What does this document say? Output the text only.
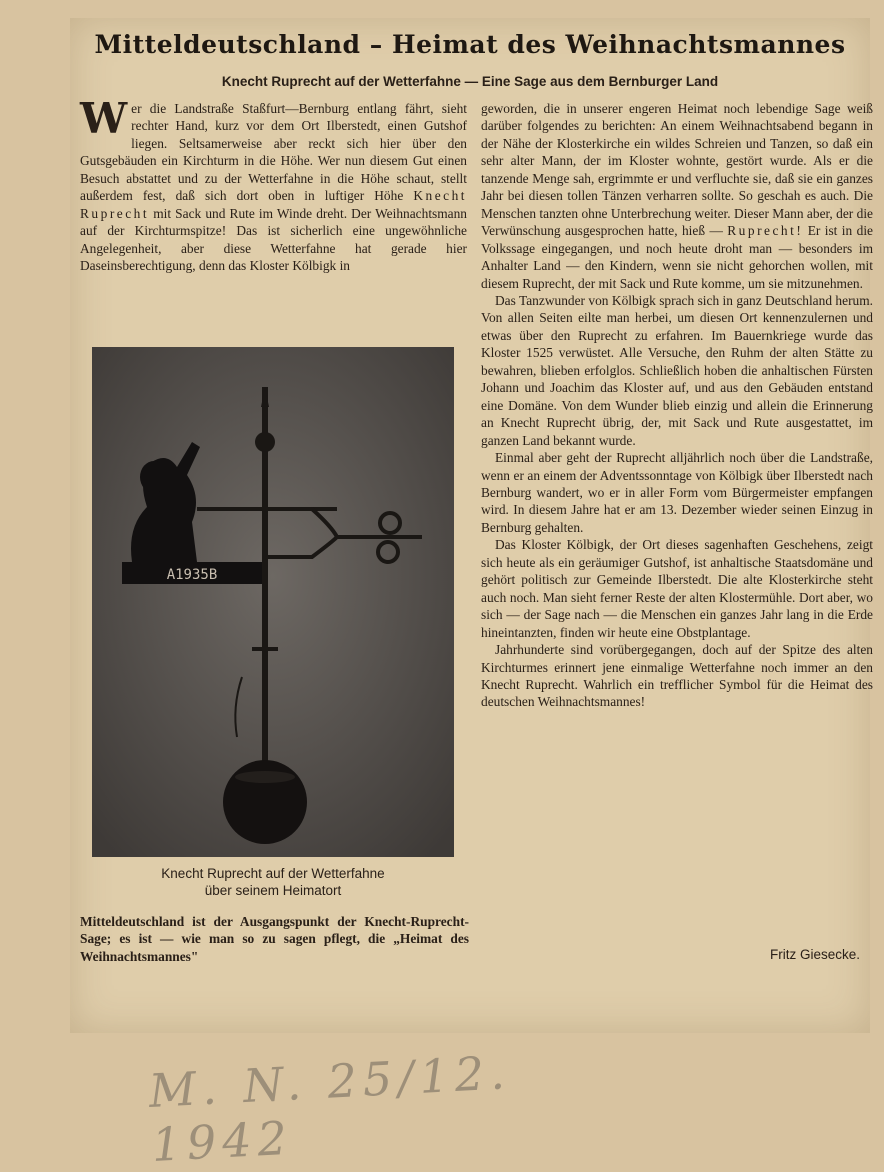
Mitteldeutschland – Heimat des Weihnachtsmannes
Knecht Ruprecht auf der Wetterfahne — Eine Sage aus dem Bernburger Land

Wer die Landstraße Staßfurt—Bernburg entlang fährt, sieht rechter Hand, kurz vor dem Ort Ilberstedt, einen Gutshof liegen. Seltsamerweise aber reckt sich hier über den Gutsgebäuden ein Kirchturm in die Höhe. Wer nun diesem Gut einen Besuch abstattet und zu der Wetterfahne in die Höhe schaut, stellt außerdem fest, daß sich dort oben in luftiger Höhe Knecht Ruprecht mit Sack und Rute im Winde dreht. Der Weihnachtsmann auf der Kirchturmspitze! Das ist sicherlich eine ungewöhnliche Angelegenheit, aber diese Wetterfahne hat gerade hier Daseinsberechtigung, denn das Kloster Kölbigk in

A1935B
Knecht Ruprecht auf der Wetterfahne
über seinem Heimatort

Mitteldeutschland ist der Ausgangspunkt der Knecht-Ruprecht-Sage; es ist — wie man so zu sagen pflegt, die „Heimat des Weihnachtsmannes"

geworden, die in unserer engeren Heimat noch lebendige Sage weiß darüber folgendes zu berichten: An einem Weihnachtsabend begann in der Nähe der Klosterkirche ein wildes Schreien und Tanzen, so daß ein sehr alter Mann, der im Kloster wohnte, gestört wurde. Als er die tanzende Menge sah, ergrimmte er und verfluchte sie, daß sie ein ganzes Jahr bei diesen tollen Tänzen verharren sollte. So geschah es auch. Die Menschen tanzten ohne Unterbrechung weiter. Dieser Mann aber, der die Verwünschung ausgesprochen hatte, hieß — Ruprecht! Er ist in die Volkssage eingegangen, und noch heute droht man — besonders im Anhalter Land — den Kindern, wenn sie nicht gehorchen wollen, mit diesem Ruprecht, der mit Sack und Rute komme, um sie mitzunehmen.

Das Tanzwunder von Kölbigk sprach sich in ganz Deutschland herum. Von allen Seiten eilte man herbei, um diesen Ort kennenzulernen und etwas über den Ruprecht zu erfahren. Im Bauernkriege wurde das Kloster 1525 verwüstet. Alle Versuche, den Ruhm der alten Stätte zu bewahren, blieben erfolglos. Schließlich hoben die anhaltischen Fürsten Johann und Joachim das Kloster auf, und aus den Gebäuden entstand eine Domäne. Von dem Wunder blieb einzig und allein die Erinnerung an Knecht Ruprecht übrig, der, mit Sack und Rute ausgestattet, im ganzen Land bekannt wurde.

Einmal aber geht der Ruprecht alljährlich noch über die Landstraße, wenn er an einem der Adventssonntage von Kölbigk über Ilberstedt nach Bernburg wandert, wo er in aller Form vom Bürgermeister empfangen wird. In diesem Jahre hat er am 13. Dezember wieder seinen Einzug in Bernburg gehalten.

Das Kloster Kölbigk, der Ort dieses sagenhaften Geschehens, zeigt sich heute als ein geräumiger Gutshof, ist anhaltische Staatsdomäne und gehört politisch zur Gemeinde Ilberstedt. Die alte Klosterkirche steht auch noch. Man sieht ferner Reste der alten Klostermühle. Dort aber, wo sich — der Sage nach — die Menschen ein ganzes Jahr lang in die Erde hineintanzten, finden wir heute eine Obstplantage.

Jahrhunderte sind vorübergegangen, doch auf der Spitze des alten Kirchturmes erinnert jene einmalige Wetterfahne noch immer an den Knecht Ruprecht. Wahrlich ein trefflicher Symbol für die Heimat des deutschen Weihnachtsmannes!

Fritz Giesecke.
M. N. 25/12. 1942
